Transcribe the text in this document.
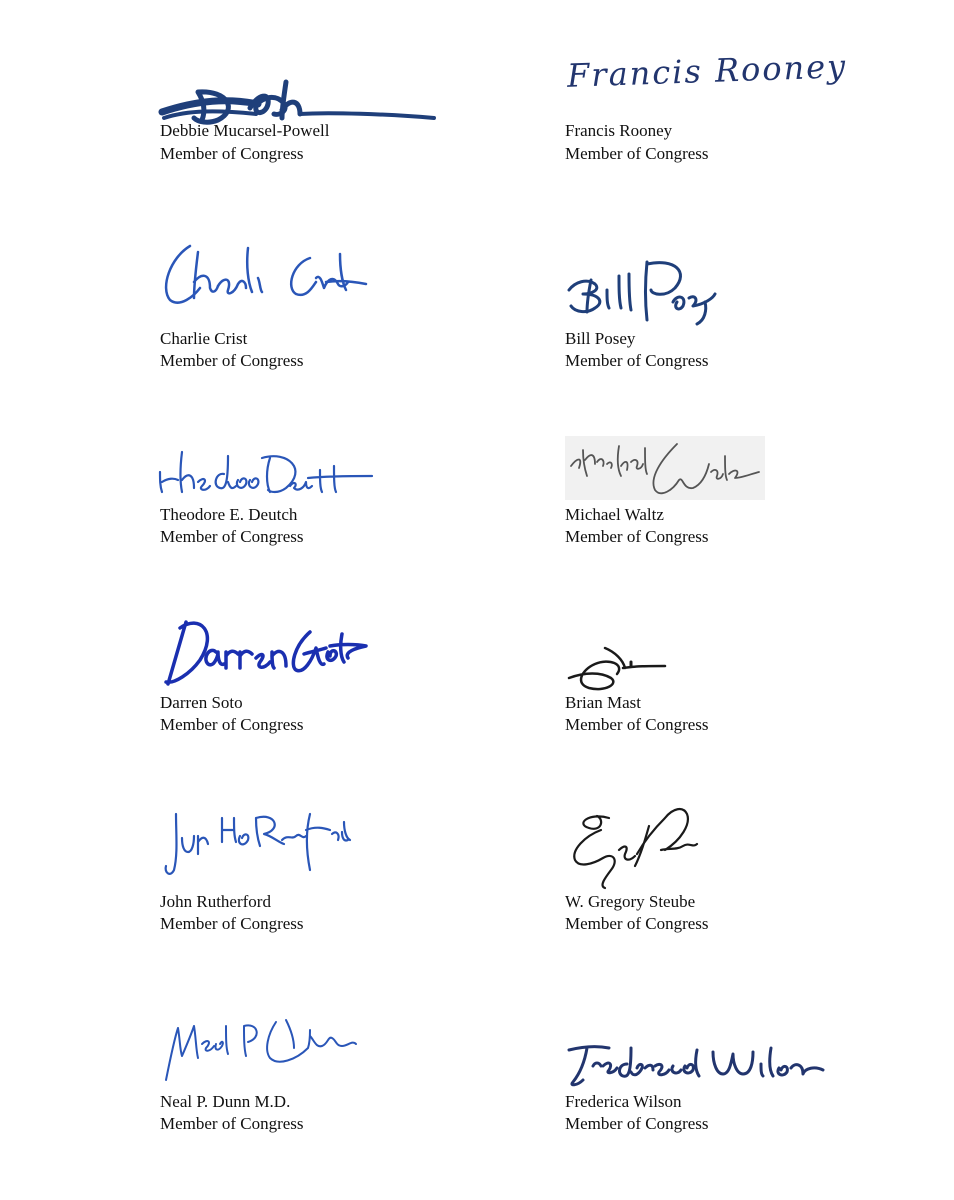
Debbie Mucarsel-Powell

Member of Congress

Francis Rooney

Francis Rooney

Member of Congress

Charlie Crist

Member of Congress

Bill Posey

Member of Congress

Theodore E. Deutch

Member of Congress

Michael Waltz

Member of Congress

Darren Soto

Member of Congress

Brian Mast

Member of Congress

John Rutherford

Member of Congress

W. Gregory Steube

Member of Congress

Neal P. Dunn M.D.

Member of Congress

Frederica Wilson

Member of Congress
